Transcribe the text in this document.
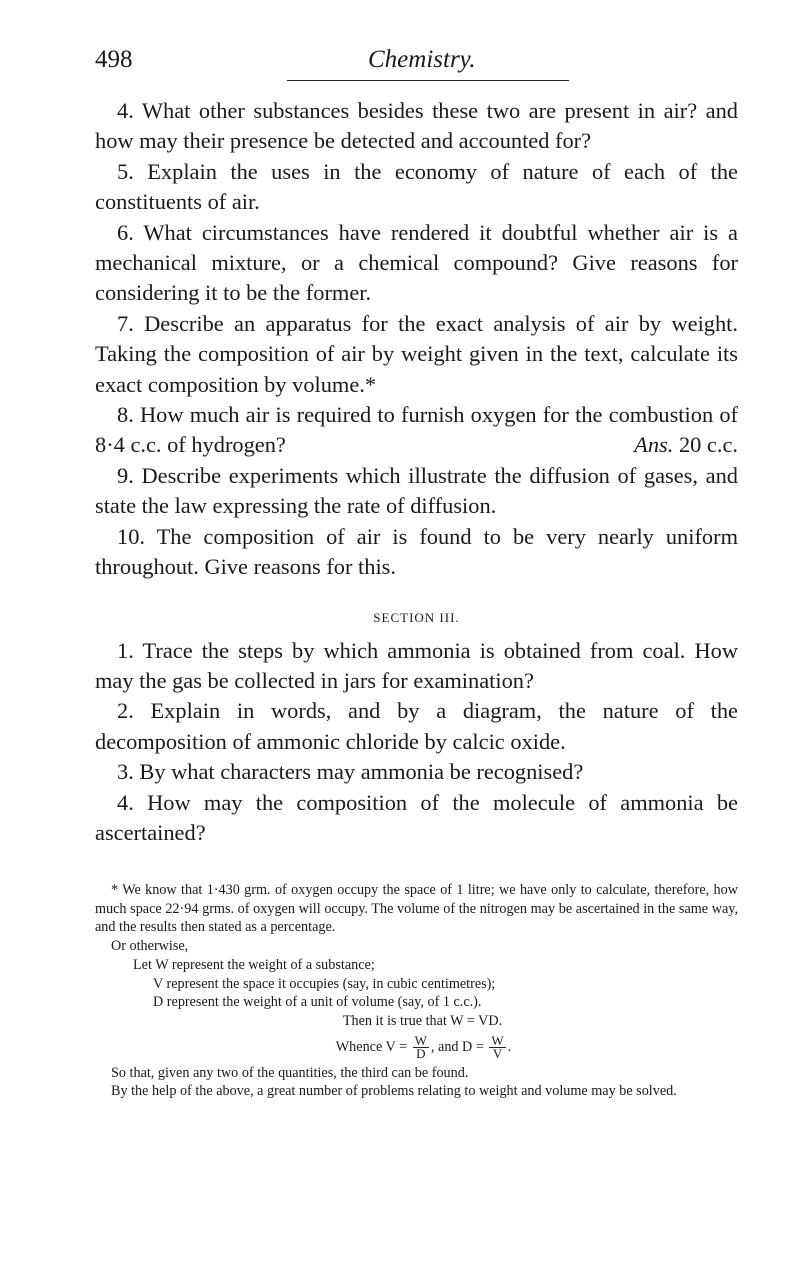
498	Chemistry.

4. What other substances besides these two are present in air? and how may their presence be detected and accounted for?

5. Explain the uses in the economy of nature of each of the constituents of air.

6. What circumstances have rendered it doubtful whether air is a mechanical mixture, or a chemical compound? Give reasons for considering it to be the former.

7. Describe an apparatus for the exact analysis of air by weight. Taking the composition of air by weight given in the text, calculate its exact composition by volume.*

8. How much air is required to furnish oxygen for the combustion of 8·4 c.c. of hydrogen?	Ans. 20 c.c.

9. Describe experiments which illustrate the diffusion of gases, and state the law expressing the rate of diffusion.

10. The composition of air is found to be very nearly uniform throughout. Give reasons for this.

SECTION III.

1. Trace the steps by which ammonia is obtained from coal. How may the gas be collected in jars for examination?

2. Explain in words, and by a diagram, the nature of the decomposition of ammonic chloride by calcic oxide.

3. By what characters may ammonia be recognised?

4. How may the composition of the molecule of ammonia be ascertained?

* We know that 1·430 grm. of oxygen occupy the space of 1 litre; we have only to calculate, therefore, how much space 22·94 grms. of oxygen will occupy. The volume of the nitrogen may be ascertained in the same way, and the results then stated as a percentage.

Or otherwise,

Let W represent the weight of a substance;

V represent the space it occupies (say, in cubic centimetres);

D represent the weight of a unit of volume (say, of 1 c.c.).

Then it is true that W = VD.

Whence $V = \frac{W}{D}$ , and $D = \frac{W}{V}$ .

So that, given any two of the quantities, the third can be found.

By the help of the above, a great number of problems relating to weight and volume may be solved.
